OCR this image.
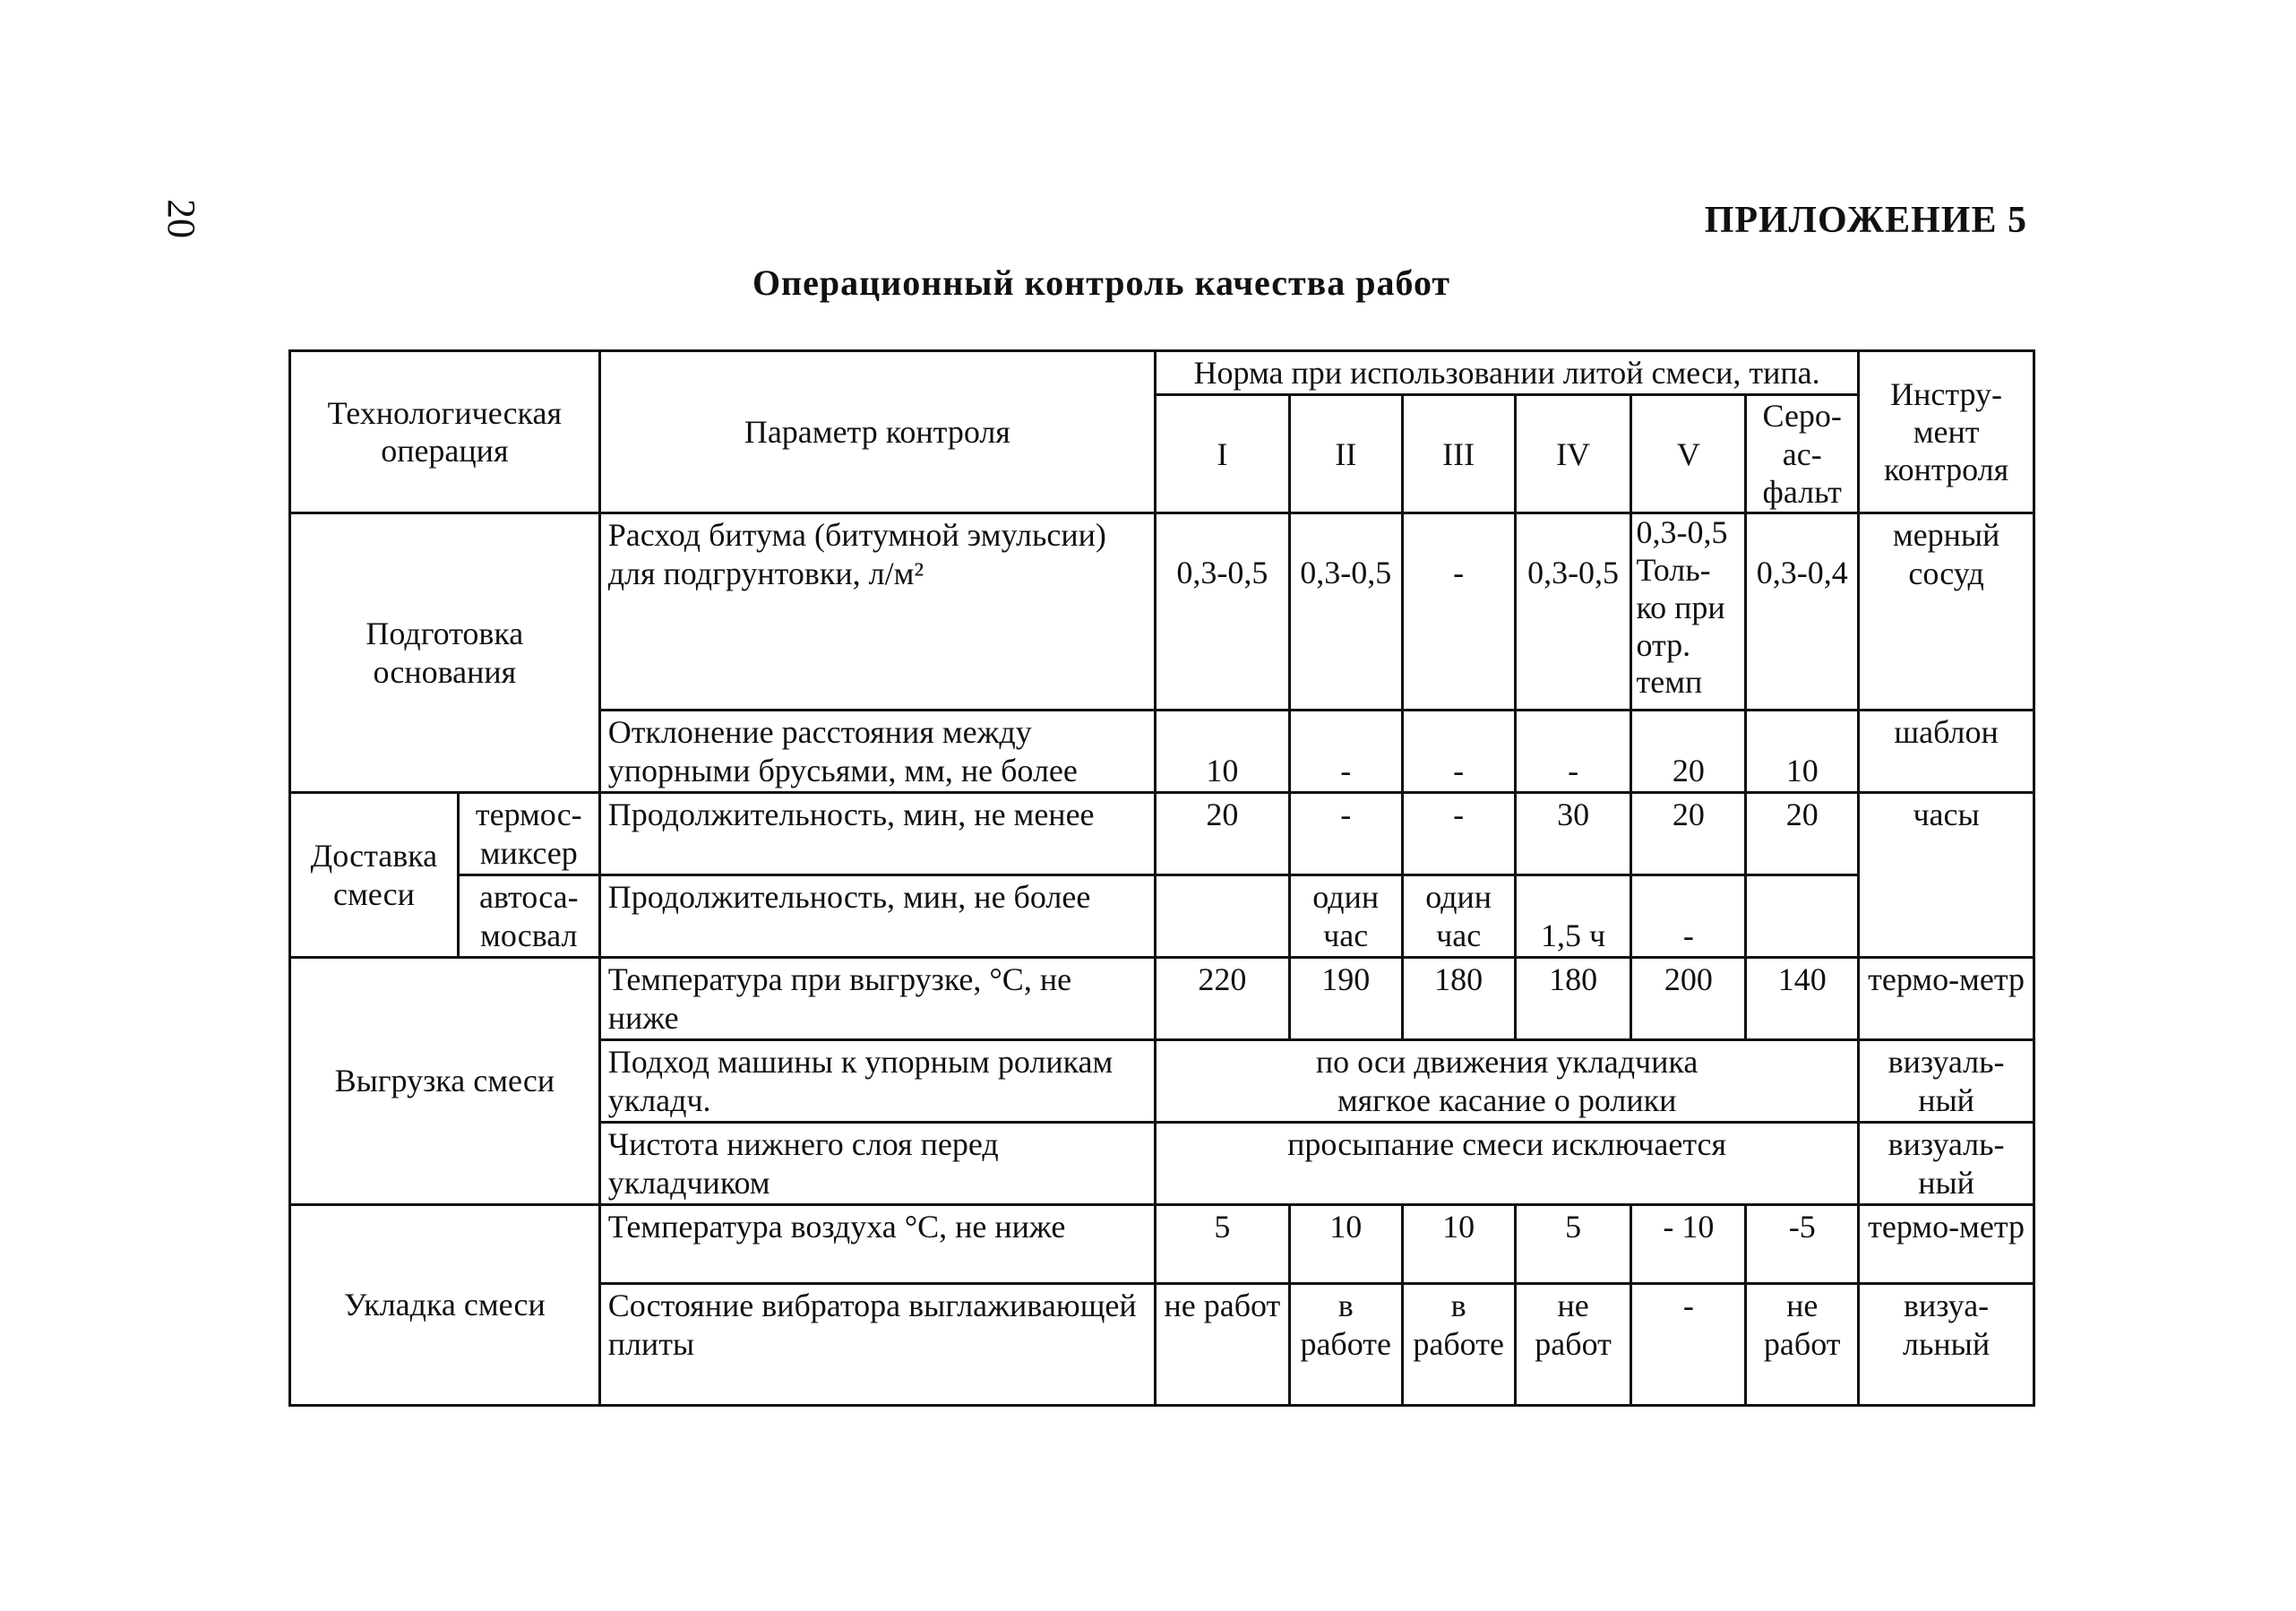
20	ПРИЛОЖЕНИЕ 5
Операционный контроль качества работ
Технологическая операция		Параметр контроля	Норма при использовании литой смеси, типа.						Инстру-мент контроля
			I	II	III	IV	V	Серо-ас-фальт	
Подготовка основания		Расход битума (битумной эмульсии) для подгрунтовки, л/м²	0,3-0,5	0,3-0,5	-	0,3-0,5	0,3-0,5 Толь-ко при отр. темп	0,3-0,4	мерный сосуд
		Отклонение расстояния между упорными брусьями, мм, не более	10	-	-	-	20	10	шаблон
Доставка смеси	термос-миксер	Продолжительность, мин, не менее	20	-	-	30	20	20	часы
	автоса-мосвал	Продолжительность, мин, не более		один час	один час	1,5 ч	-		
Выгрузка смеси		Температура при выгрузке, °С, не ниже	220	190	180	180	200	140	термо-метр
		Подход машины к упорным роликам укладч.	по оси движения укладчика мягкое касание о ролики						визуаль-ный
		Чистота нижнего слоя перед укладчиком	просыпание смеси исключается						визуаль-ный
Укладка смеси		Температура воздуха °С, не ниже	5	10	10	5	- 10	-5	термо-метр
		Состояние вибратора выглаживающей плиты	не работ	в работе	в работе	не работ	-	не работ	визуа-льный
